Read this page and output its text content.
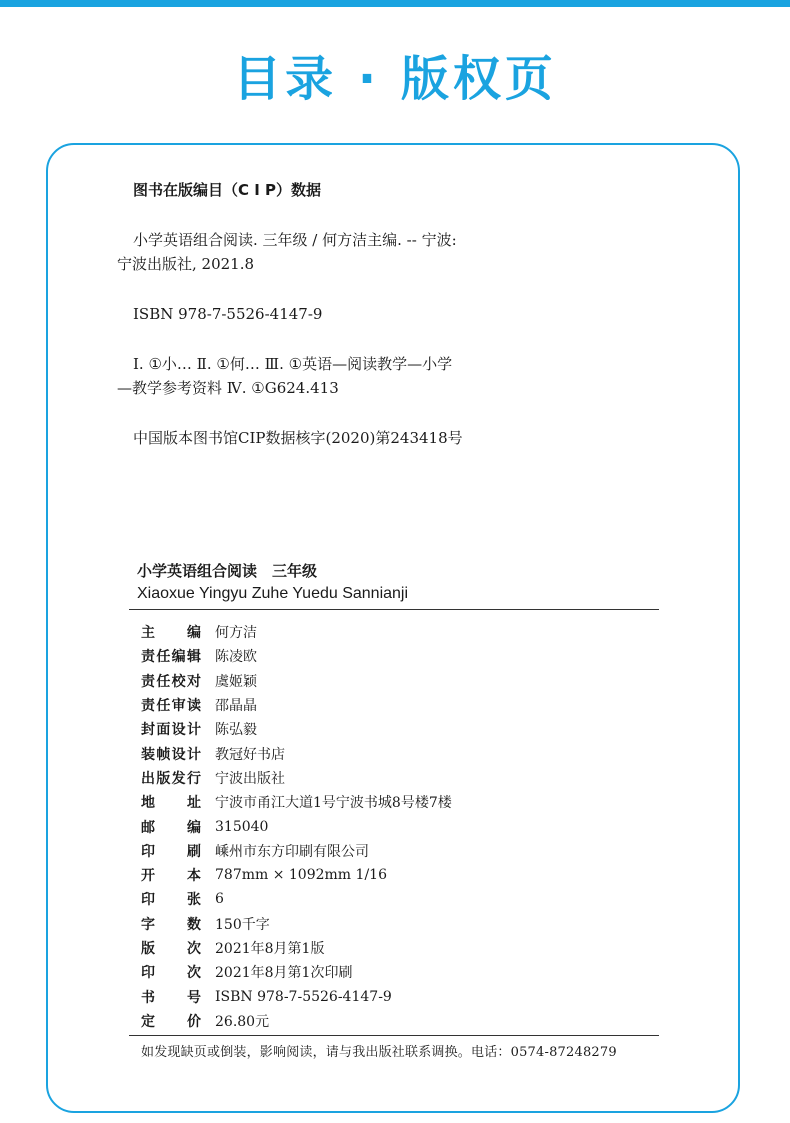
目录 · 版权页

图书在版编目（C I P）数据

小学英语组合阅读. 三年级 / 何方洁主编. -- 宁波:

宁波出版社, 2021.8

ISBN 978-7-5526-4147-9

Ⅰ. ①小… Ⅱ. ①何… Ⅲ. ①英语—阅读教学—小学

—教学参考资料 Ⅳ. ①G624.413

中国版本图书馆CIP数据核字(2020)第243418号

小学英语组合阅读　三年级
Xiaoxue Yingyu Zuhe Yuedu Sannianji
主 编 何方洁
责 任 编 辑 陈凌欧
责 任 校 对 虞姬颖
责 任 审 读 邵晶晶
封 面 设 计 陈弘毅
装 帧 设 计 教冠好书店
出 版 发 行 宁波出版社
地 址 宁波市甬江大道1号宁波书城8号楼7楼
邮 编 315040
印 刷 嵊州市东方印刷有限公司
开 本 787mm × 1092mm 1/16
印 张 6
字 数 150千字
版 次 2021年8月第1版
印 次 2021年8月第1次印刷
书 号 ISBN 978-7-5526-4147-9
定 价 26.80元
如发现缺页或倒装，影响阅读，请与我出版社联系调换。电话：0574-87248279
